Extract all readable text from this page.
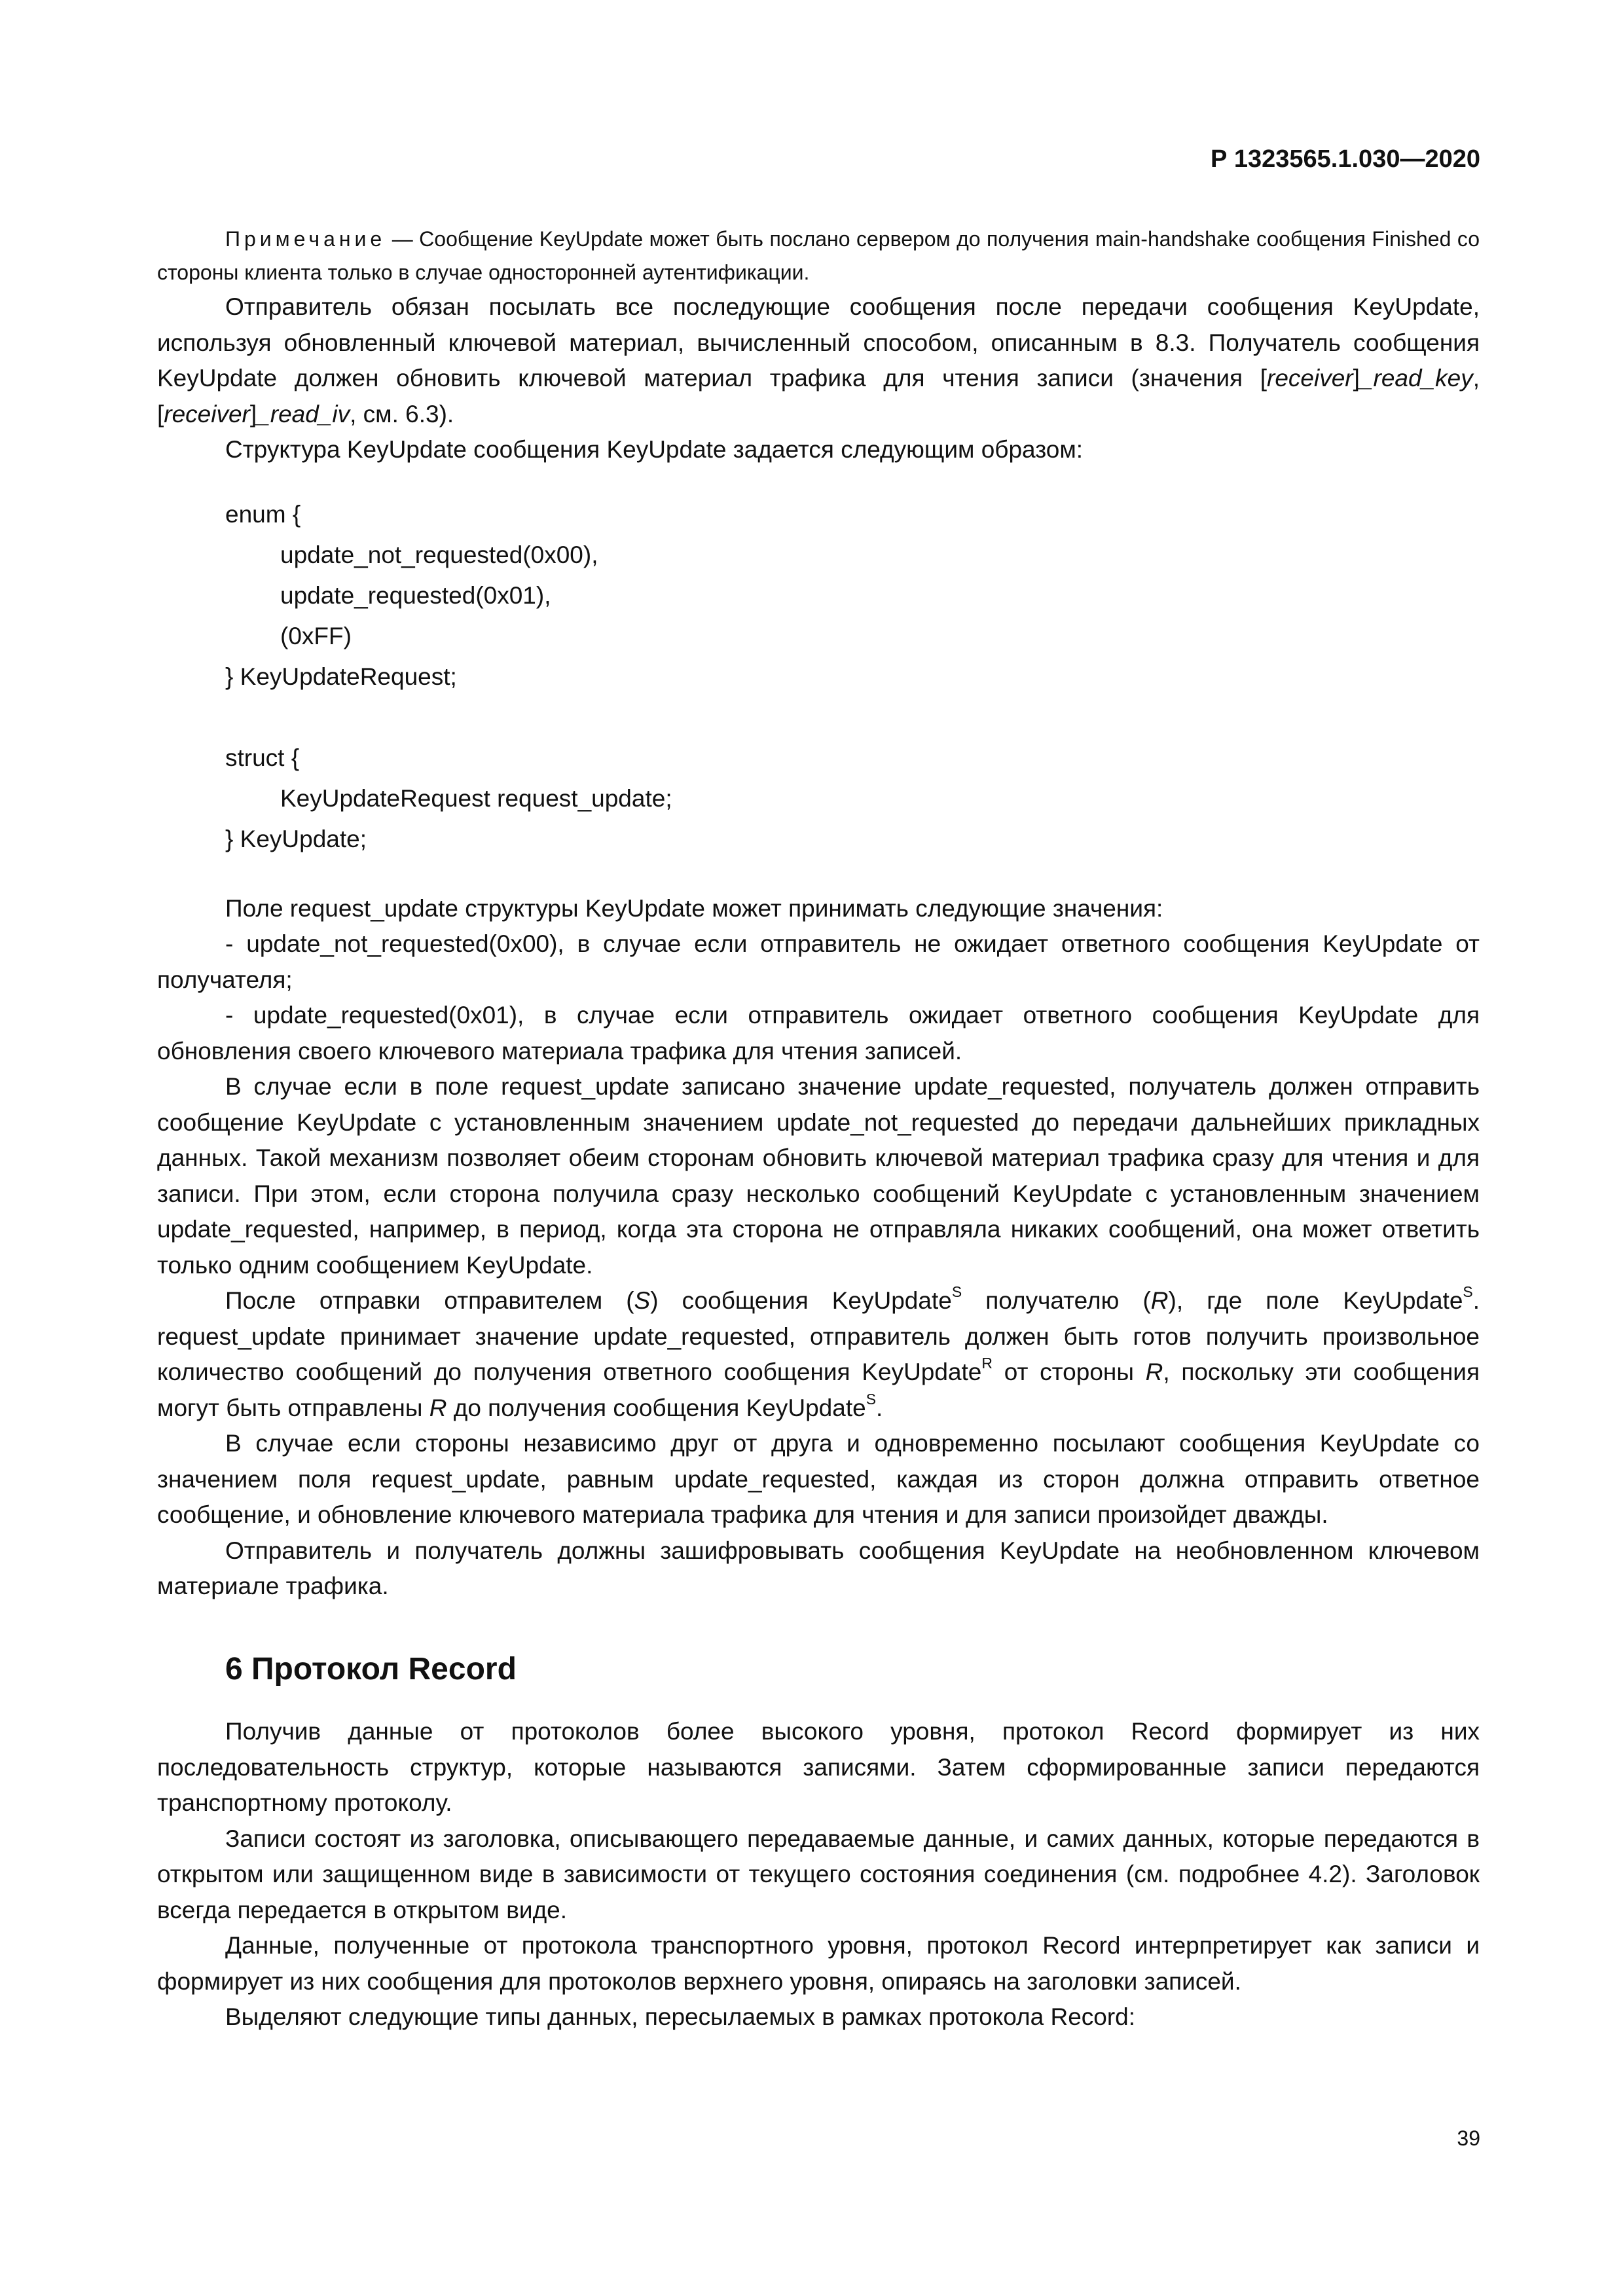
Р 1323565.1.030—2020

Примечание — Сообщение KeyUpdate может быть послано сервером до получения main-handshake сообщения Finished со стороны клиента только в случае односторонней аутентификации.

Отправитель обязан посылать все последующие сообщения после передачи сообщения KeyUpdate, используя обновленный ключевой материал, вычисленный способом, описанным в 8.3. Получатель сообщения KeyUpdate должен обновить ключевой материал трафика для чтения записи (значения [receiver]_read_key, [receiver]_read_iv, см. 6.3).

Структура KeyUpdate сообщения KeyUpdate задается следующим образом:

enum {
update_not_requested(0x00),
update_requested(0x01),
(0xFF)
} KeyUpdateRequest;
struct {
KeyUpdateRequest request_update;
} KeyUpdate;

Поле request_update структуры KeyUpdate может принимать следующие значения:

- update_not_requested(0x00), в случае если отправитель не ожидает ответного сообщения KeyUpdate от получателя;

- update_requested(0x01), в случае если отправитель ожидает ответного сообщения KeyUpdate для обновления своего ключевого материала трафика для чтения записей.

В случае если в поле request_update записано значение update_requested, получатель должен отправить сообщение KeyUpdate с установленным значением update_not_requested до передачи дальнейших прикладных данных. Такой механизм позволяет обеим сторонам обновить ключевой материал трафика сразу для чтения и для записи. При этом, если сторона получила сразу несколько сообщений KeyUpdate с установленным значением update_requested, например, в период, когда эта сторона не отправляла никаких сообщений, она может ответить только одним сообщением KeyUpdate.

После отправки отправителем (S) сообщения KeyUpdate$^S$ получателю (R), где поле KeyUpdate$^S$. request_update принимает значение update_requested, отправитель должен быть готов получить произвольное количество сообщений до получения ответного сообщения KeyUpdate$^R$ от стороны R, поскольку эти сообщения могут быть отправлены R до получения сообщения KeyUpdate$^S$.

В случае если стороны независимо друг от друга и одновременно посылают сообщения KeyUpdate со значением поля request_update, равным update_requested, каждая из сторон должна отправить ответное сообщение, и обновление ключевого материала трафика для чтения и для записи произойдет дважды.

Отправитель и получатель должны зашифровывать сообщения KeyUpdate на необновленном ключевом материале трафика.

6 Протокол Record

Получив данные от протоколов более высокого уровня, протокол Record формирует из них последовательность структур, которые называются записями. Затем сформированные записи передаются транспортному протоколу.

Записи состоят из заголовка, описывающего передаваемые данные, и самих данных, которые передаются в открытом или защищенном виде в зависимости от текущего состояния соединения (см. подробнее 4.2). Заголовок всегда передается в открытом виде.

Данные, полученные от протокола транспортного уровня, протокол Record интерпретирует как записи и формирует из них сообщения для протоколов верхнего уровня, опираясь на заголовки записей.

Выделяют следующие типы данных, пересылаемых в рамках протокола Record:

39
